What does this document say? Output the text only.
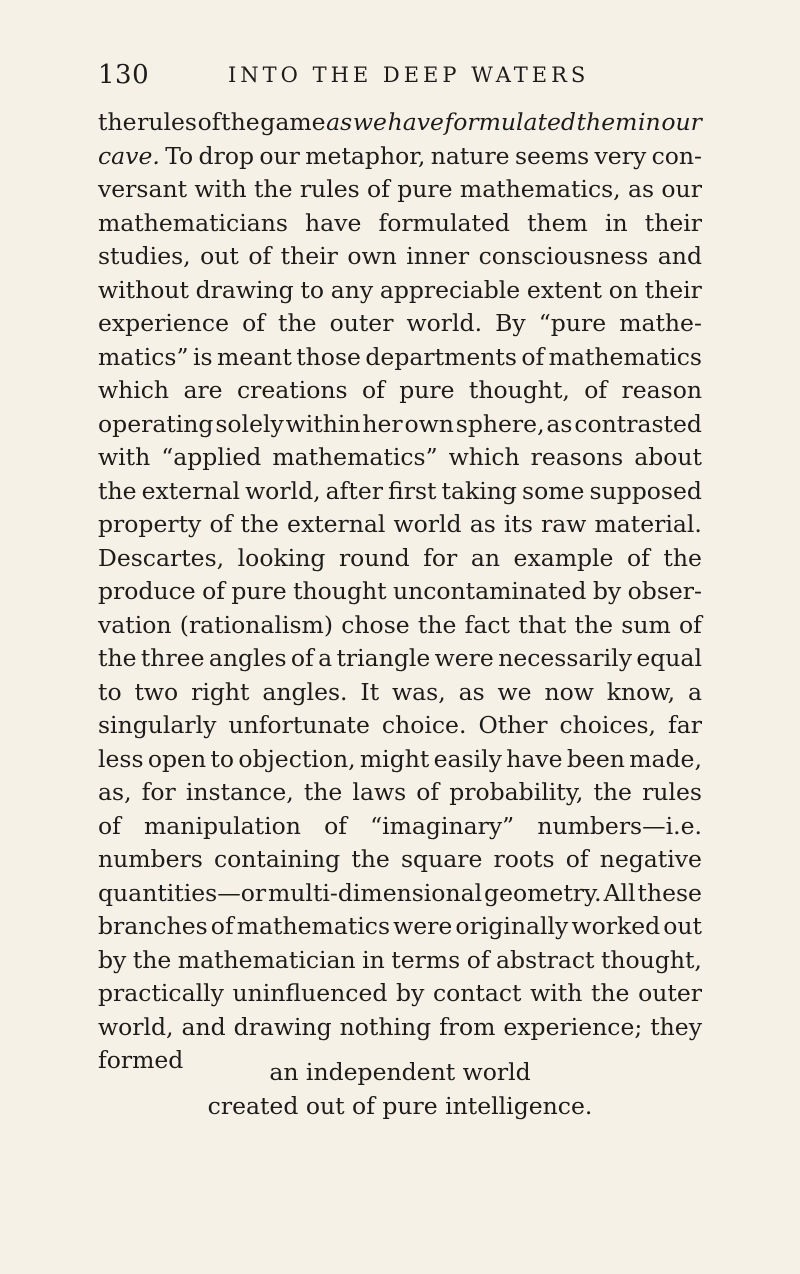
130	INTO THE DEEP WATERS
the rules of the game as we have formulated them in our
cave. To drop our metaphor, nature seems very con-
versant with the rules of pure mathematics, as our
mathematicians have formulated them in their
studies, out of their own inner consciousness and
without drawing to any appreciable extent on their
experience of the outer world. By “pure mathe-
matics” is meant those departments of mathematics
which are creations of pure thought, of reason
operating solely within her own sphere, as contrasted
with “applied mathematics” which reasons about
the external world, after first taking some supposed
property of the external world as its raw material.
Descartes, looking round for an example of the
produce of pure thought uncontaminated by obser-
vation (rationalism) chose the fact that the sum of
the three angles of a triangle were necessarily equal
to two right angles. It was, as we now know, a
singularly unfortunate choice. Other choices, far
less open to objection, might easily have been made,
as, for instance, the laws of probability, the rules
of manipulation of “imaginary” numbers—i.e.
numbers containing the square roots of negative
quantities—or multi-dimensional geometry. All these
branches of mathematics were originally worked out
by the mathematician in terms of abstract thought,
practically uninfluenced by contact with the outer
world, and drawing nothing from experience; they
formed	an independent world
created out of pure intelligence.
